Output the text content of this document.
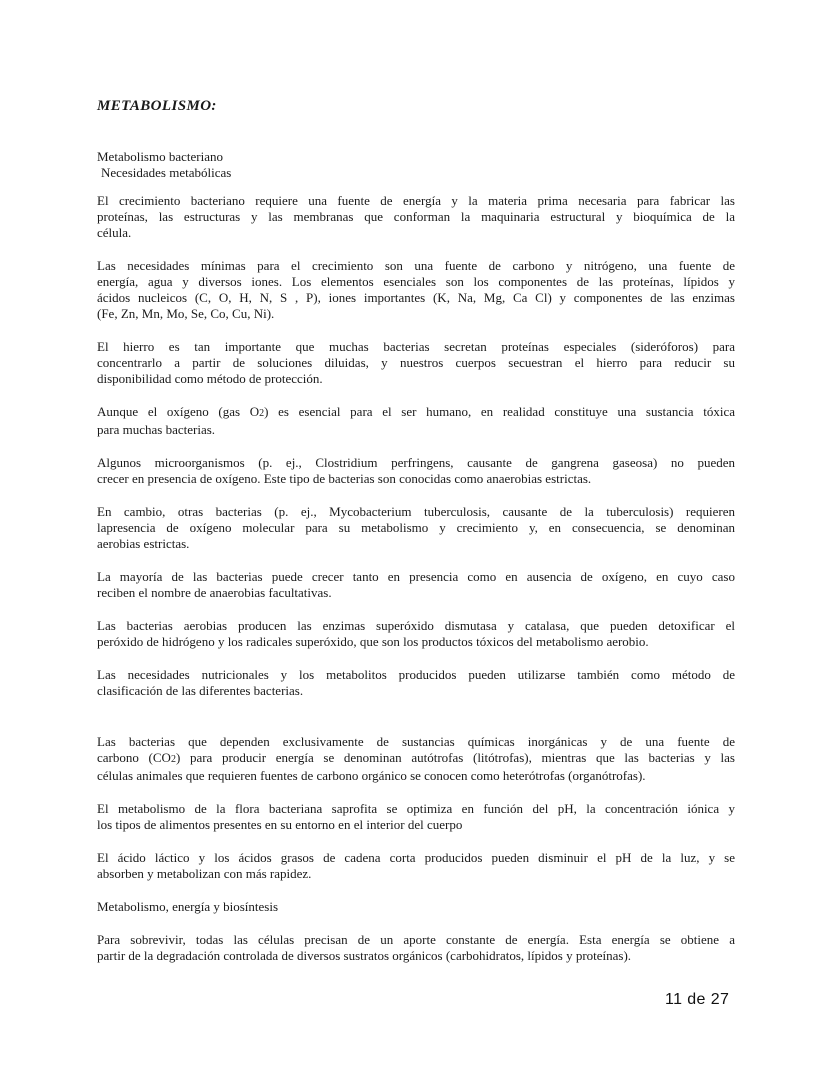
METABOLISMO:
Metabolismo bacteriano
Necesidades metabólicas
El crecimiento bacteriano requiere una fuente de energía y la materia prima necesaria para fabricar las
proteínas, las estructuras y las membranas que conforman la maquinaria estructural y bioquímica de la
célula.
Las necesidades mínimas para el crecimiento son una fuente de carbono y nitrógeno, una fuente de
energía, agua y diversos iones. Los elementos esenciales son los componentes de las proteínas, lípidos y
ácidos nucleicos (C, O, H, N, S , P), iones importantes (K, Na, Mg, Ca Cl) y componentes de las enzimas
(Fe, Zn, Mn, Mo, Se, Co, Cu, Ni).
El hierro es tan importante que muchas bacterias secretan proteínas especiales (sideróforos) para
concentrarlo a partir de soluciones diluidas, y nuestros cuerpos secuestran el hierro para reducir su
disponibilidad como método de protección.
Aunque el oxígeno (gas O2) es esencial para el ser humano, en realidad constituye una sustancia tóxica
para muchas bacterias.
Algunos microorganismos (p. ej., Clostridium perfringens, causante de gangrena gaseosa) no pueden
crecer en presencia de oxígeno. Este tipo de bacterias son conocidas como anaerobias estrictas.
En cambio, otras bacterias (p. ej., Mycobacterium tuberculosis, causante de la tuberculosis) requieren
lapresencia de oxígeno molecular para su metabolismo y crecimiento y, en consecuencia, se denominan
aerobias estrictas.
La mayoría de las bacterias puede crecer tanto en presencia como en ausencia de oxígeno, en cuyo caso
reciben el nombre de anaerobias facultativas.
Las bacterias aerobias producen las enzimas superóxido dismutasa y catalasa, que pueden detoxificar el
peróxido de hidrógeno y los radicales superóxido, que son los productos tóxicos del metabolismo aerobio.
Las necesidades nutricionales y los metabolitos producidos pueden utilizarse también como método de
clasificación de las diferentes bacterias.
Las bacterias que dependen exclusivamente de sustancias químicas inorgánicas y de una fuente de
carbono (CO2) para producir energía se denominan autótrofas (litótrofas), mientras que las bacterias y las
células animales que requieren fuentes de carbono orgánico se conocen como heterótrofas (organótrofas).
El metabolismo de la flora bacteriana saprofita se optimiza en función del pH, la concentración iónica y
los tipos de alimentos presentes en su entorno en el interior del cuerpo
El ácido láctico y los ácidos grasos de cadena corta producidos pueden disminuir el pH de la luz, y se
absorben y metabolizan con más rapidez.
Metabolismo, energía y biosíntesis
Para sobrevivir, todas las células precisan de un aporte constante de energía. Esta energía se obtiene a
partir de la degradación controlada de diversos sustratos orgánicos (carbohidratos, lípidos y proteínas).
11 de 27
